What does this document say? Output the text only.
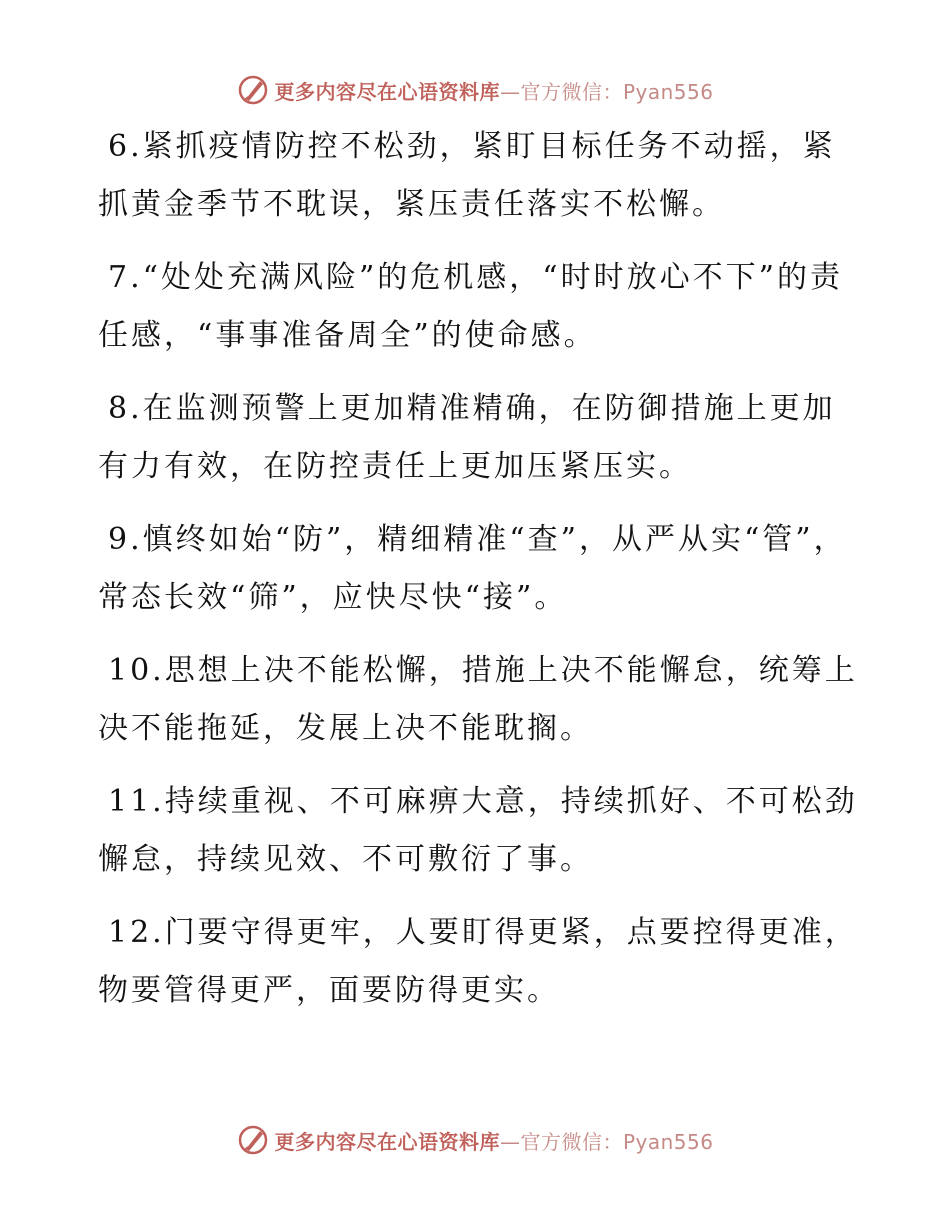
更多内容尽在心语资料库—官方微信：Pyan556

6.紧抓疫情防控不松劲，紧盯目标任务不动摇，紧抓黄金季节不耽误，紧压责任落实不松懈。

7.“处处充满风险”的危机感，“时时放心不下”的责任感，“事事准备周全”的使命感。

8.在监测预警上更加精准精确，在防御措施上更加有力有效，在防控责任上更加压紧压实。

9.慎终如始“防”，精细精准“查”，从严从实“管”，常态长效“筛”，应快尽快“接”。

10.思想上决不能松懈，措施上决不能懈怠，统筹上决不能拖延，发展上决不能耽搁。

11.持续重视、不可麻痹大意，持续抓好、不可松劲懈怠，持续见效、不可敷衍了事。

12.门要守得更牢，人要盯得更紧，点要控得更准，物要管得更严，面要防得更实。

更多内容尽在心语资料库—官方微信：Pyan556
